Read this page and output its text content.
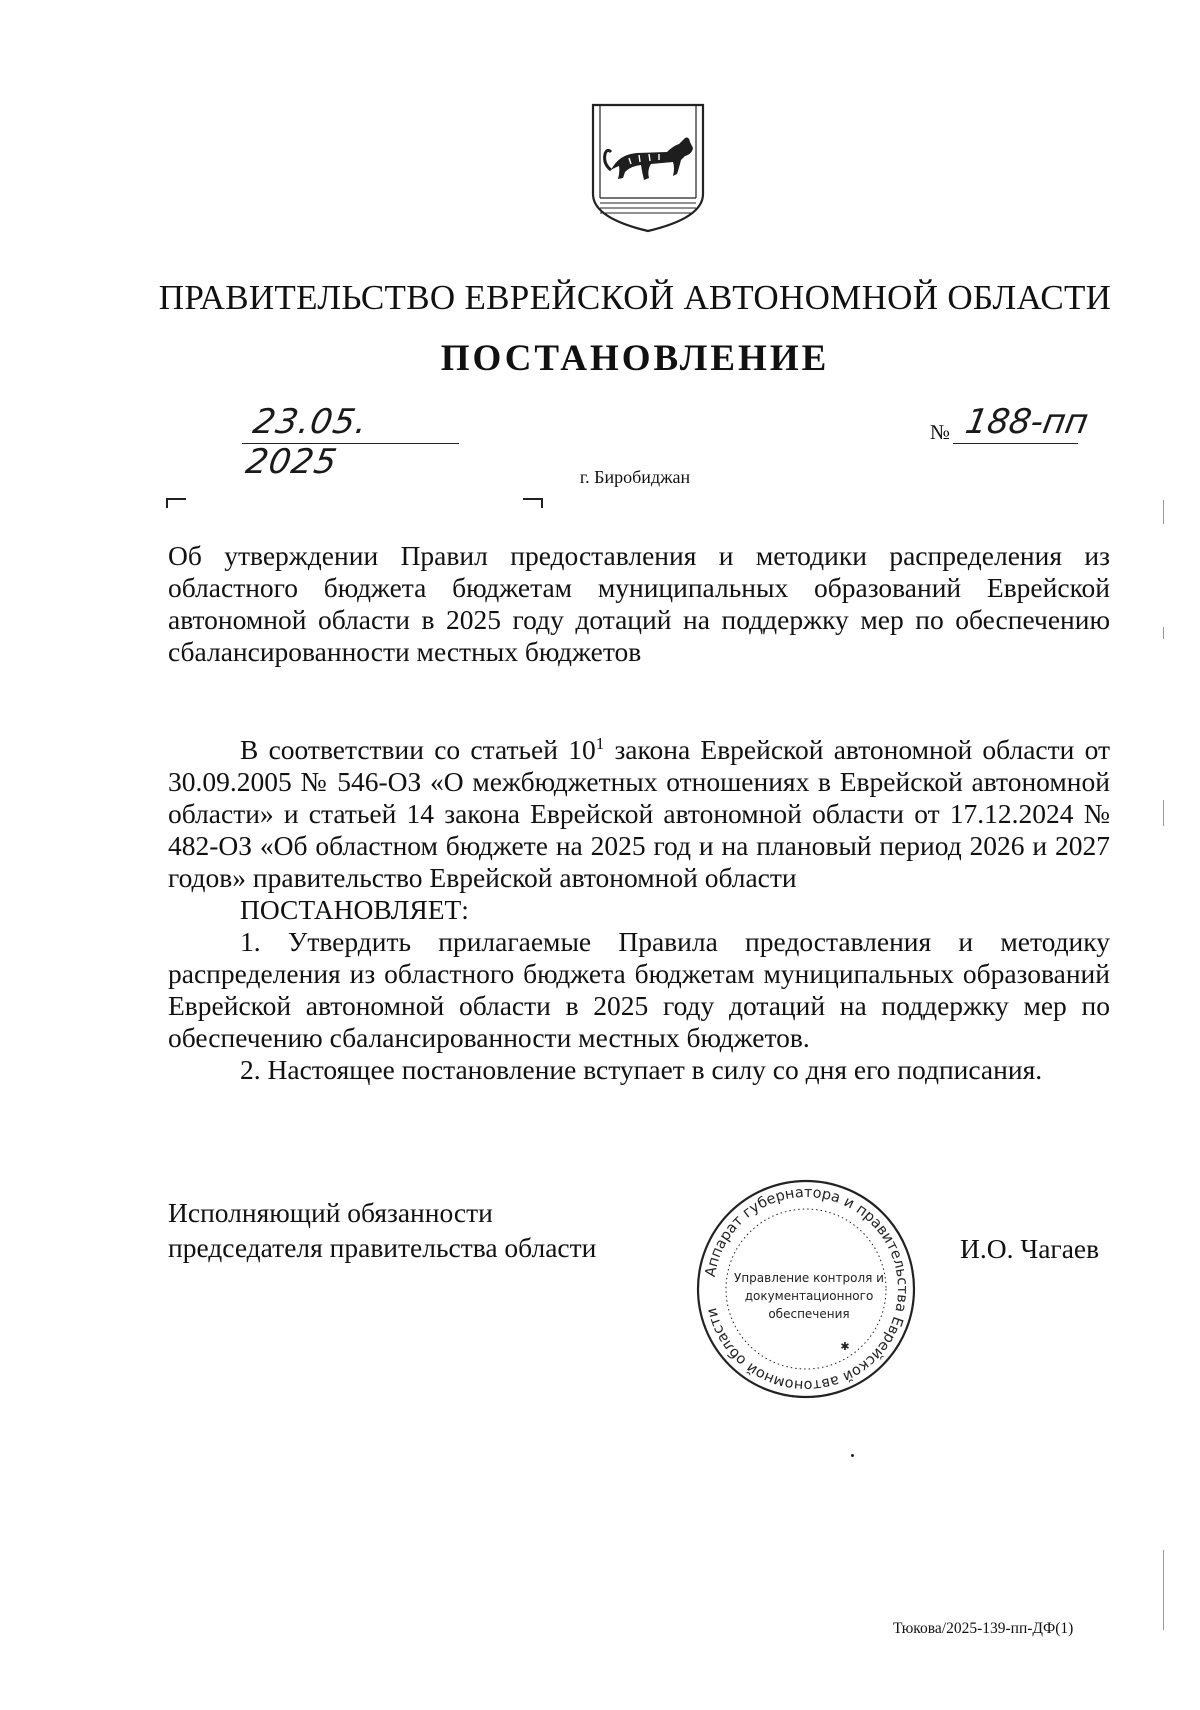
ПРАВИТЕЛЬСТВО ЕВРЕЙСКОЙ АВТОНОМНОЙ ОБЛАСТИ
ПОСТАНОВЛЕНИЕ
23.05. 2025
№ 188-пп
г. Биробиджан
Об утверждении Правил предоставления и методики распределения из областного бюджета бюджетам муниципальных образований Еврейской автономной области в 2025 году дотаций на поддержку мер по обеспечению сбалансированности местных бюджетов

В соответствии со статьей $10^1$ закона Еврейской автономной области от 30.09.2005 № 546-ОЗ «О межбюджетных отношениях в Еврейской автономной области» и статьей 14 закона Еврейской автономной области от 17.12.2024 № 482-ОЗ «Об областном бюджете на 2025 год и на плановый период 2026 и 2027 годов» правительство Еврейской автономной области
ПОСТАНОВЛЯЕТ:

1. Утвердить прилагаемые Правила предоставления и методику распределения из областного бюджета бюджетам муниципальных образований Еврейской автономной области в 2025 году дотаций на поддержку мер по обеспечению сбалансированности местных бюджетов.

2. Настоящее постановление вступает в силу со дня его подписания.

Исполняющий обязанности
председателя правительства области
Аппарат губернатора и правительства Еврейской автономной области
Управление контроля и
документационного
обеспечения
✱
И.О. Чагаев
Тюкова/2025-139-пп-ДФ(1)
